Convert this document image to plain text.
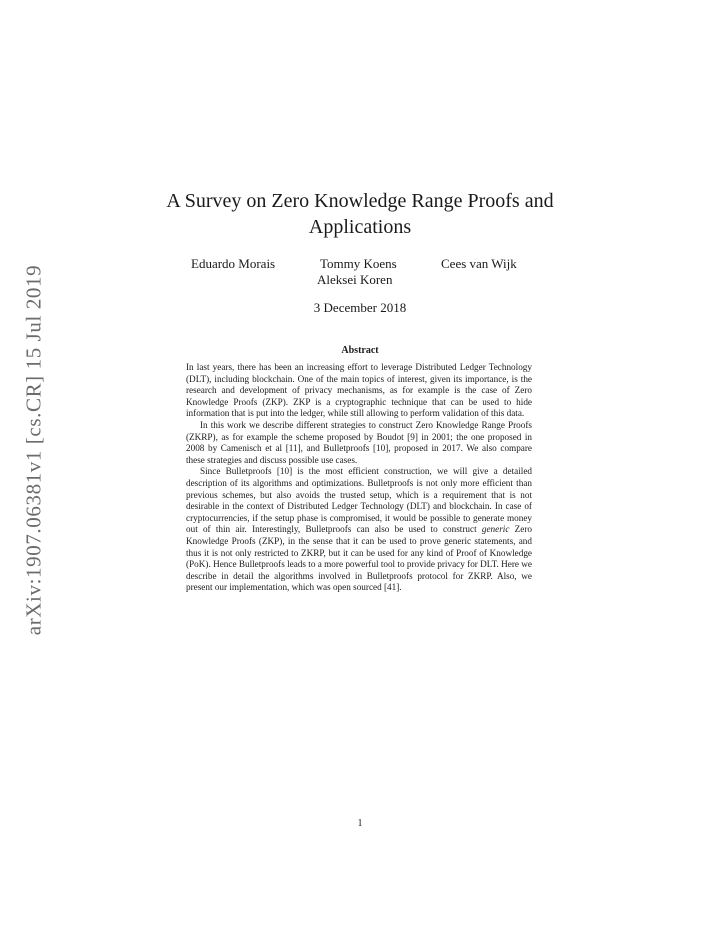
arXiv:1907.06381v1 [cs.CR] 15 Jul 2019
A Survey on Zero Knowledge Range Proofs and
Applications
Eduardo Morais	Tommy Koens	Cees van Wijk
Aleksei Koren
3 December 2018
Abstract

In last years, there has been an increasing effort to leverage Distributed Ledger Technology (DLT), including blockchain. One of the main topics of interest, given its importance, is the research and development of privacy mechanisms, as for example is the case of Zero Knowledge Proofs (ZKP). ZKP is a cryptographic technique that can be used to hide information that is put into the ledger, while still allowing to perform validation of this data.

In this work we describe different strategies to construct Zero Knowledge Range Proofs (ZKRP), as for example the scheme proposed by Boudot [9] in 2001; the one proposed in 2008 by Camenisch et al [11], and Bulletproofs [10], proposed in 2017. We also compare these strategies and discuss possible use cases.

Since Bulletproofs [10] is the most efficient construction, we will give a detailed description of its algorithms and optimizations. Bulletproofs is not only more efficient than previous schemes, but also avoids the trusted setup, which is a requirement that is not desirable in the context of Distributed Ledger Technology (DLT) and blockchain. In case of cryptocurrencies, if the setup phase is compromised, it would be possible to generate money out of thin air. Interestingly, Bulletproofs can also be used to construct generic Zero Knowledge Proofs (ZKP), in the sense that it can be used to prove generic statements, and thus it is not only restricted to ZKRP, but it can be used for any kind of Proof of Knowledge (PoK). Hence Bulletproofs leads to a more powerful tool to provide privacy for DLT. Here we describe in detail the algorithms involved in Bulletproofs protocol for ZKRP. Also, we present our implementation, which was open sourced [41].

1
